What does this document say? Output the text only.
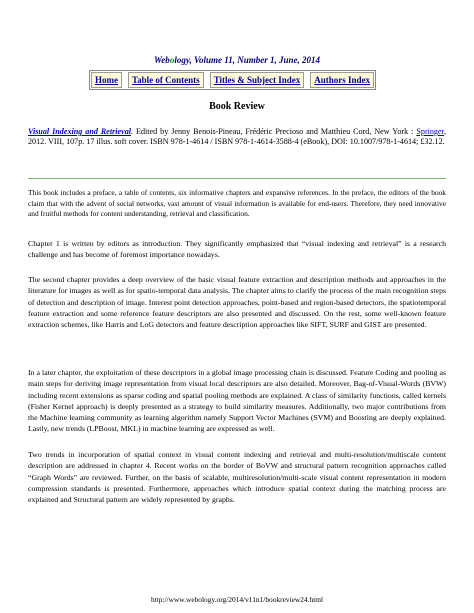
Webology, Volume 11, Number 1, June, 2014
Home		Table of Contents		Titles & Subject Index		Authors Index
Book Review
Visual Indexing and Retrieval. Edited by Jenny Benois-Pineau, Frédéric Precioso and Matthieu Cord, New York : Springer, 2012. VIII, 107p. 17 illus. soft cover. ISBN 978-1-4614 / ISBN 978-1-4614-3588-4 (eBook), DOI: 10.1007/978-1-4614; £32.12.

This book includes a preface, a table of contents, six informative chapters and expansive references. In the preface, the editors of the book claim that with the advent of social networks, vast amount of visual information is available for end-users. Therefore, they need innovative and fruitful methods for content understanding, retrieval and classification.

Chapter 1 is written by editors as introduction. They significantly emphasized that “visual indexing and retrieval” is a research challenge and has become of foremost importance nowadays.

The second chapter provides a deep overview of the basic visual feature extraction and description methods and approaches in the literature for images as well as for spatio-temporal data analysis. The chapter aims to clarify the process of the main recognition steps of detection and description of image. Interest point detection approaches, point-based and region-based detectors, the spatiotemporal feature extraction and some reference feature descriptors are also presented and discussed. On the rest, some well-known feature extraction schemes, like Harris and LoG detectors and feature description approaches like SIFT, SURF and GIST are presented.

In a later chapter, the exploitation of these descriptors in a global image processing chain is discussed. Feature Coding and pooling as main steps for deriving image representation from visual local descriptors are also detailed. Moreover, Bag-of-Visual-Words (BVW) including recent extensions as sparse coding and spatial pooling methods are explained. A class of similarity functions, called kernels (Fisher Kernel approach) is deeply presented as a strategy to build similarity measures. Additionally, two major contributions from the Machine learning community as learning algorithm namely Support Vector Machines (SVM) and Boosting are deeply explained. Lastly, new trends (LPBoost, MKL) in machine learning are expressed as well.

Two trends in incorporation of spatial context in visual content indexing and retrieval and multi-resolution/multiscale content description are addressed in chapter 4. Recent works on the border of BoVW and structural pattern recognition approaches called “Graph Words” are reviewed. Further, on the basis of scalable, multiresolution/multi-scale visual content representation in modern compression standards is presented. Furthermore, approaches which introduce spatial context during the matching process are explained and Structural pattern are widely represented by graphs.

http://www.webology.org/2014/v11n1/bookreview24.html
